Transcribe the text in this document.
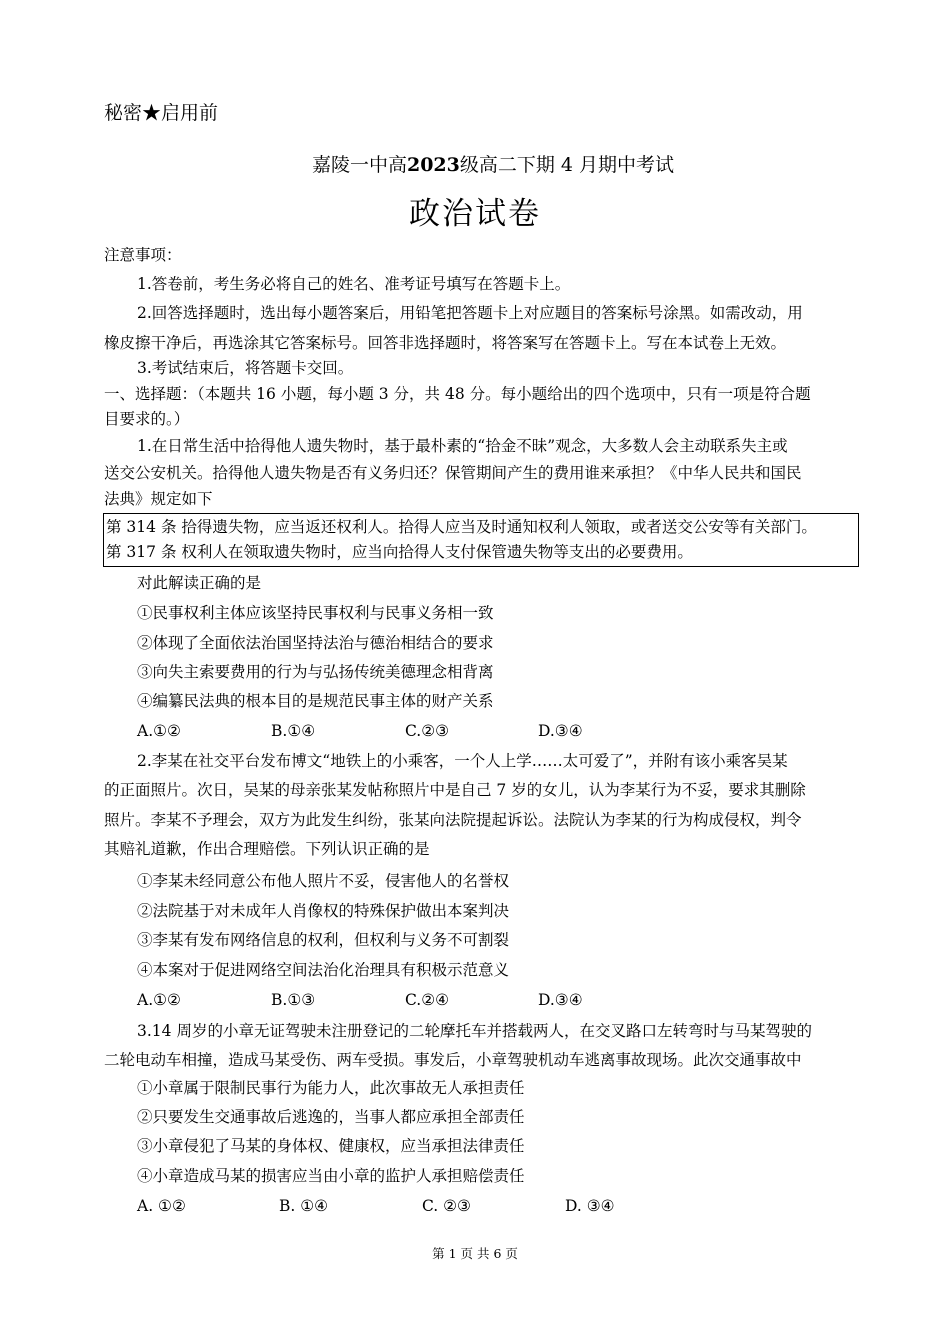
秘密★启用前
嘉陵一中高2023级高二下期 4 月期中考试
政治试卷
注意事项：
1.答卷前，考生务必将自己的姓名、准考证号填写在答题卡上。
2.回答选择题时，选出每小题答案后，用铅笔把答题卡上对应题目的答案标号涂黑。如需改动，用
橡皮擦干净后，再选涂其它答案标号。回答非选择题时，将答案写在答题卡上。写在本试卷上无效。
3.考试结束后，将答题卡交回。
一、选择题：（本题共 16 小题，每小题 3 分，共 48 分。每小题给出的四个选项中，只有一项是符合题
目要求的。）
1.在日常生活中拾得他人遗失物时，基于最朴素的“拾金不昧”观念，大多数人会主动联系失主或
送交公安机关。拾得他人遗失物是否有义务归还？保管期间产生的费用谁来承担？《中华人民共和国民
法典》规定如下
第 314 条 拾得遗失物，应当返还权利人。拾得人应当及时通知权利人领取，或者送交公安等有关部门。
第 317 条 权利人在领取遗失物时，应当向拾得人支付保管遗失物等支出的必要费用。
对此解读正确的是
①民事权利主体应该坚持民事权利与民事义务相一致
②体现了全面依法治国坚持法治与德治相结合的要求
③向失主索要费用的行为与弘扬传统美德理念相背离
④编纂民法典的根本目的是规范民事主体的财产关系
A.①②	B.①④	C.②③	D.③④
2.李某在社交平台发布博文“地铁上的小乘客，一个人上学……太可爱了”，并附有该小乘客吴某
的正面照片。次日，吴某的母亲张某发帖称照片中是自己 7 岁的女儿，认为李某行为不妥，要求其删除
照片。李某不予理会，双方为此发生纠纷，张某向法院提起诉讼。法院认为李某的行为构成侵权，判令
其赔礼道歉，作出合理赔偿。下列认识正确的是
①李某未经同意公布他人照片不妥，侵害他人的名誉权
②法院基于对未成年人肖像权的特殊保护做出本案判决
③李某有发布网络信息的权利，但权利与义务不可割裂
④本案对于促进网络空间法治化治理具有积极示范意义
A.①②	B.①③	C.②④	D.③④
3.14 周岁的小章无证驾驶未注册登记的二轮摩托车并搭载两人，在交叉路口左转弯时与马某驾驶的
二轮电动车相撞，造成马某受伤、两车受损。事发后，小章驾驶机动车逃离事故现场。此次交通事故中
①小章属于限制民事行为能力人，此次事故无人承担责任
②只要发生交通事故后逃逸的，当事人都应承担全部责任
③小章侵犯了马某的身体权、健康权，应当承担法律责任
④小章造成马某的损害应当由小章的监护人承担赔偿责任
A. ①②	B. ①④	C. ②③	D. ③④
第 1 页 共 6 页
